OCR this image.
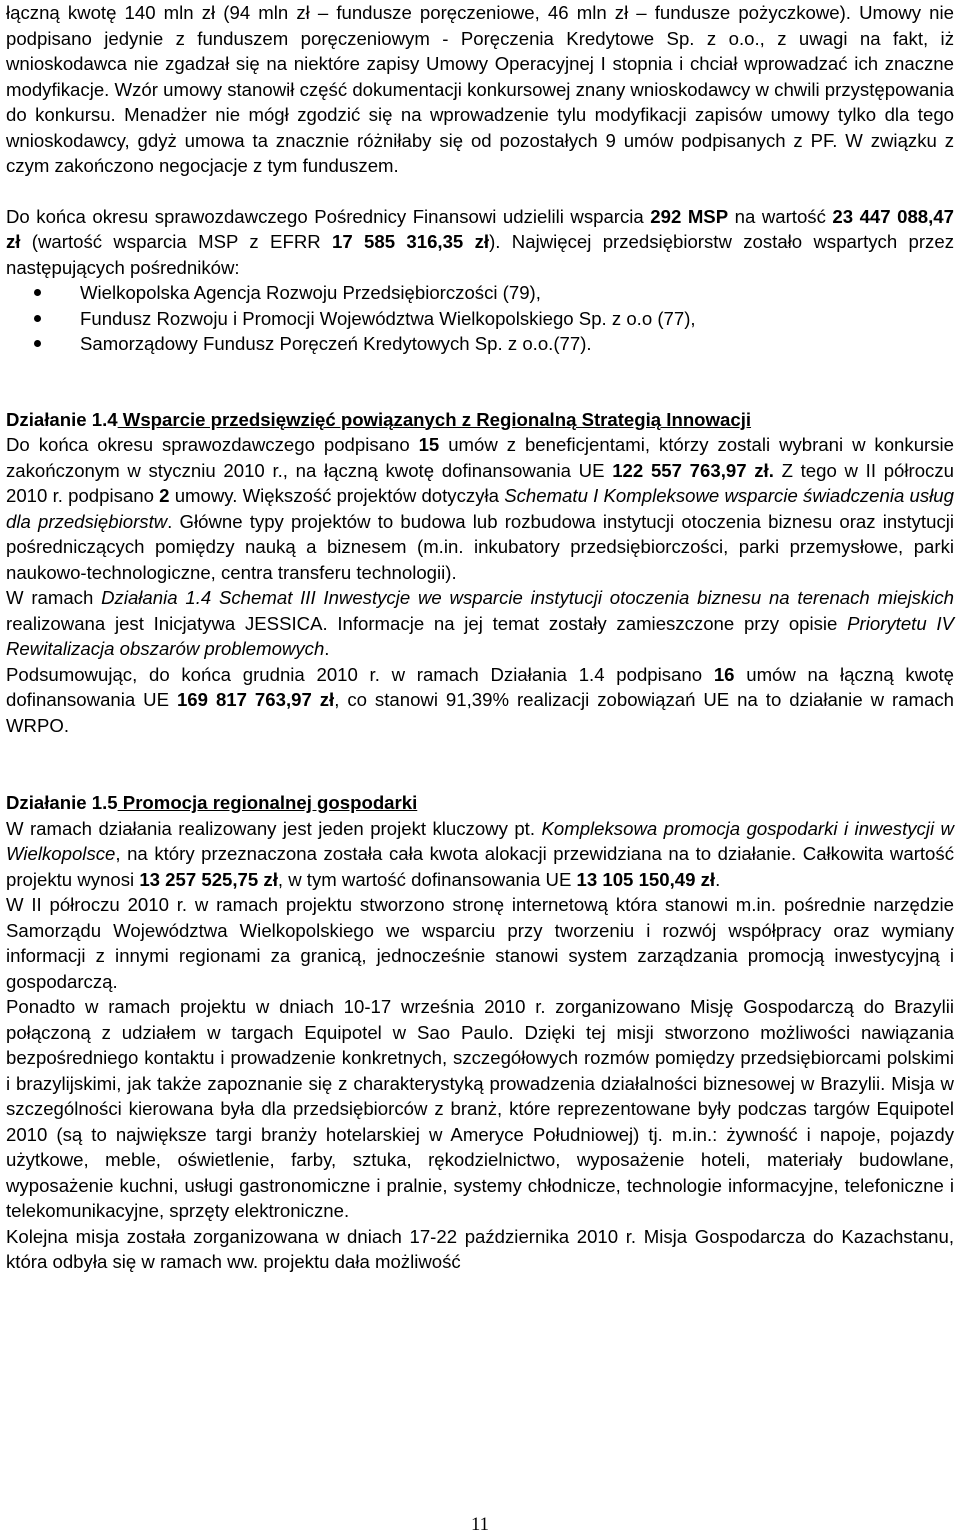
łączną kwotę 140 mln zł (94 mln zł – fundusze poręczeniowe, 46 mln zł – fundusze pożyczkowe). Umowy nie podpisano jedynie z funduszem poręczeniowym - Poręczenia Kredytowe Sp. z o.o., z uwagi na fakt, iż wnioskodawca nie zgadzał się na niektóre zapisy Umowy Operacyjnej I stopnia i chciał wprowadzać ich znaczne modyfikacje. Wzór umowy stanowił część dokumentacji konkursowej znany wnioskodawcy w chwili przystępowania do konkursu. Menadżer nie mógł zgodzić się na wprowadzenie tylu modyfikacji zapisów umowy tylko dla tego wnioskodawcy, gdyż umowa ta znacznie różniłaby się od pozostałych 9 umów podpisanych z PF. W związku z czym zakończono negocjacje z tym funduszem.

Do końca okresu sprawozdawczego Pośrednicy Finansowi udzielili wsparcia 292 MSP na wartość 23 447 088,47 zł (wartość wsparcia MSP z EFRR 17 585 316,35 zł). Najwięcej przedsiębiorstw zostało wspartych przez następujących pośredników:

Wielkopolska Agencja Rozwoju Przedsiębiorczości (79),
Fundusz Rozwoju i Promocji Województwa Wielkopolskiego Sp. z o.o (77),
Samorządowy Fundusz Poręczeń Kredytowych Sp. z o.o.(77).
Działanie 1.4 Wsparcie przedsięwzięć powiązanych z Regionalną Strategią Innowacji

Do końca okresu sprawozdawczego podpisano 15 umów z beneficjentami, którzy zostali wybrani w konkursie zakończonym w styczniu 2010 r., na łączną kwotę dofinansowania UE 122 557 763,97 zł. Z tego w II półroczu 2010 r. podpisano 2 umowy. Większość projektów dotyczyła Schematu I Kompleksowe wsparcie świadczenia usług dla przedsiębiorstw. Główne typy projektów to budowa lub rozbudowa instytucji otoczenia biznesu oraz instytucji pośredniczących pomiędzy nauką a biznesem (m.in. inkubatory przedsiębiorczości, parki przemysłowe, parki naukowo-technologiczne, centra transferu technologii).

W ramach Działania 1.4 Schemat III Inwestycje we wsparcie instytucji otoczenia biznesu na terenach miejskich realizowana jest Inicjatywa JESSICA. Informacje na jej temat zostały zamieszczone przy opisie Priorytetu IV Rewitalizacja obszarów problemowych.

Podsumowując, do końca grudnia 2010 r. w ramach Działania 1.4 podpisano 16 umów na łączną kwotę dofinansowania UE 169 817 763,97 zł, co stanowi 91,39% realizacji zobowiązań UE na to działanie w ramach WRPO.

Działanie 1.5 Promocja regionalnej gospodarki

W ramach działania realizowany jest jeden projekt kluczowy pt. Kompleksowa promocja gospodarki i inwestycji w Wielkopolsce, na który przeznaczona została cała kwota alokacji przewidziana na to działanie. Całkowita wartość projektu wynosi 13 257 525,75 zł, w tym wartość dofinansowania UE 13 105 150,49 zł.

W II półroczu 2010 r. w ramach projektu stworzono stronę internetową która stanowi m.in. pośrednie narzędzie Samorządu Województwa Wielkopolskiego we wsparciu przy tworzeniu i rozwój współpracy oraz wymiany informacji z innymi regionami za granicą, jednocześnie stanowi system zarządzania promocją inwestycyjną i gospodarczą.

Ponadto w ramach projektu w dniach 10-17 września 2010 r. zorganizowano Misję Gospodarczą do Brazylii połączoną z udziałem w targach Equipotel w Sao Paulo. Dzięki tej misji stworzono możliwości nawiązania bezpośredniego kontaktu i prowadzenie konkretnych, szczegółowych rozmów pomiędzy przedsiębiorcami polskimi i brazylijskimi, jak także zapoznanie się z charakterystyką prowadzenia działalności biznesowej w Brazylii. Misja w szczególności kierowana była dla przedsiębiorców z branż, które reprezentowane były podczas targów Equipotel 2010 (są to największe targi branży hotelarskiej w Ameryce Południowej) tj. m.in.: żywność i napoje, pojazdy użytkowe, meble, oświetlenie, farby, sztuka, rękodzielnictwo, wyposażenie hoteli, materiały budowlane, wyposażenie kuchni, usługi gastronomiczne i pralnie, systemy chłodnicze, technologie informacyjne, telefoniczne i telekomunikacyjne, sprzęty elektroniczne.

Kolejna misja została zorganizowana w dniach 17-22 października 2010 r. Misja Gospodarcza do Kazachstanu, która odbyła się w ramach ww. projektu dała możliwość

11
